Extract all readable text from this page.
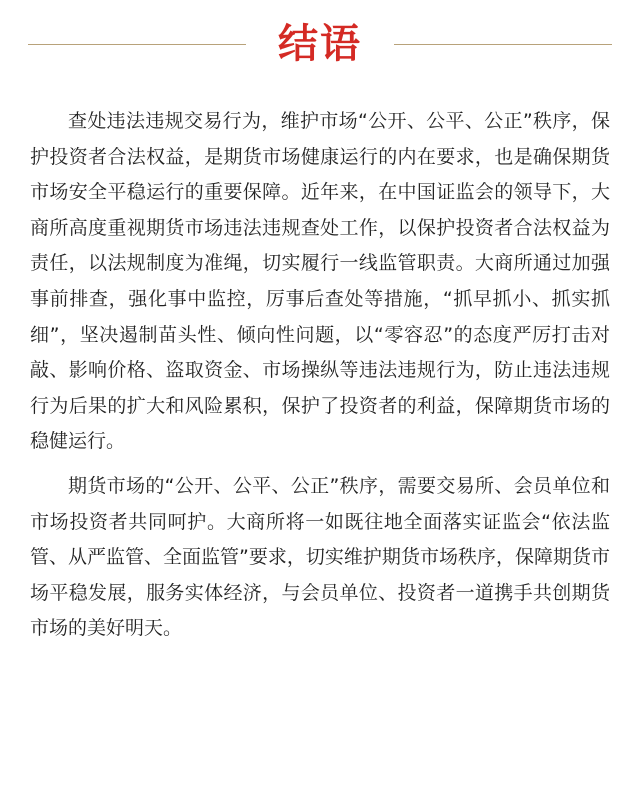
结语

查处违法违规交易行为，维护市场“公开、公平、公正”秩序，保护投资者合法权益，是期货市场健康运行的内在要求，也是确保期货市场安全平稳运行的重要保障。近年来，在中国证监会的领导下，大商所高度重视期货市场违法违规查处工作，以保护投资者合法权益为责任，以法规制度为准绳，切实履行一线监管职责。大商所通过加强事前排查，强化事中监控，厉事后查处等措施，“抓早抓小、抓实抓细”，坚决遏制苗头性、倾向性问题，以“零容忍”的态度严厉打击对敲、影响价格、盗取资金、市场操纵等违法违规行为，防止违法违规行为后果的扩大和风险累积，保护了投资者的利益，保障期货市场的稳健运行。

期货市场的“公开、公平、公正”秩序，需要交易所、会员单位和市场投资者共同呵护。大商所将一如既往地全面落实证监会“依法监管、从严监管、全面监管”要求，切实维护期货市场秩序，保障期货市场平稳发展，服务实体经济，与会员单位、投资者一道携手共创期货市场的美好明天。
